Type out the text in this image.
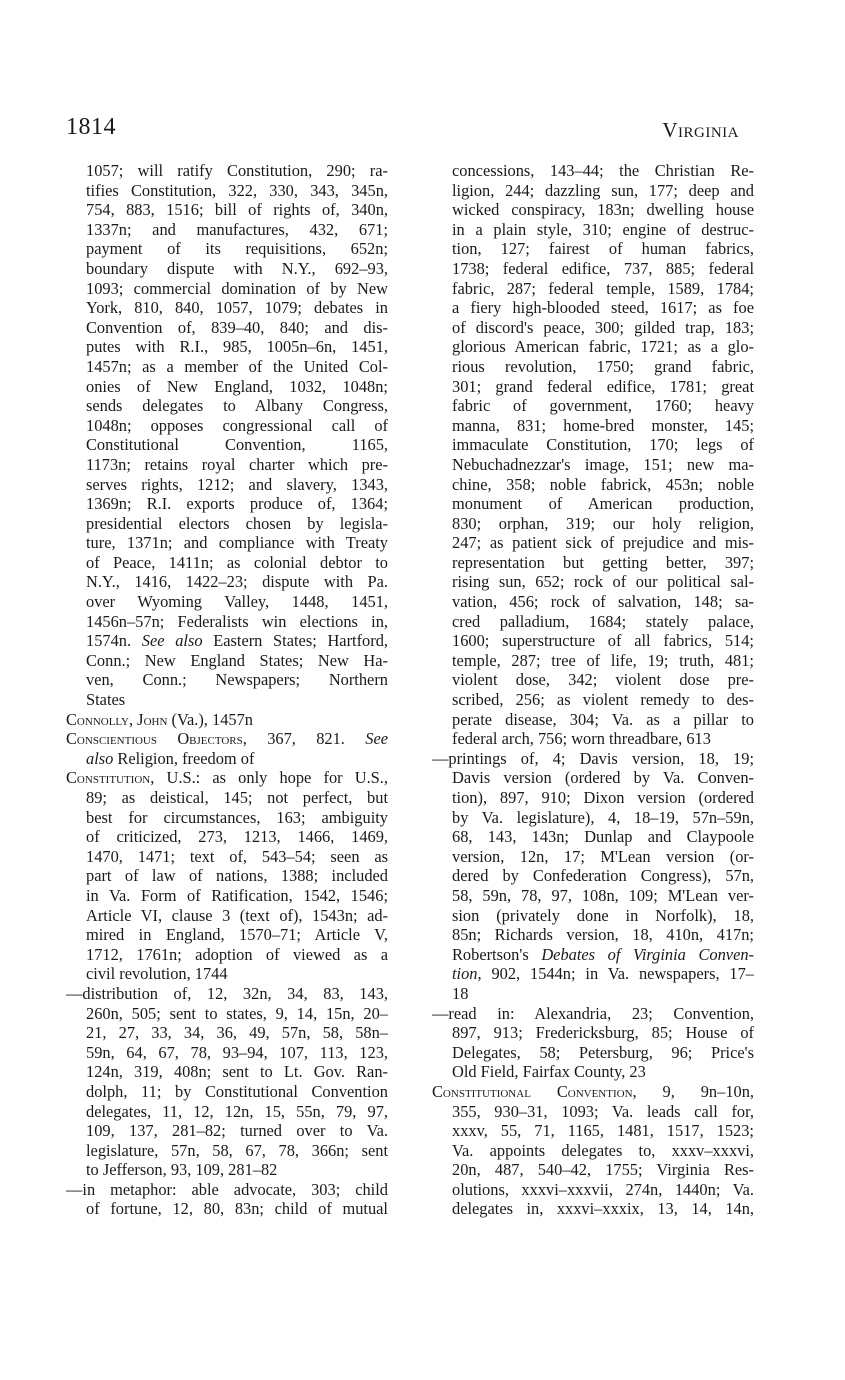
1814	Virginia
1057; will ratify Constitution, 290; ra-
tifies Constitution, 322, 330, 343, 345n,
754, 883, 1516; bill of rights of, 340n,
1337n; and manufactures, 432, 671;
payment of its requisitions, 652n;
boundary dispute with N.Y., 692–93,
1093; commercial domination of by New
York, 810, 840, 1057, 1079; debates in
Convention of, 839–40, 840; and dis-
putes with R.I., 985, 1005n–6n, 1451,
1457n; as a member of the United Col-
onies of New England, 1032, 1048n;
sends delegates to Albany Congress,
1048n; opposes congressional call of
Constitutional Convention, 1165,
1173n; retains royal charter which pre-
serves rights, 1212; and slavery, 1343,
1369n; R.I. exports produce of, 1364;
presidential electors chosen by legisla-
ture, 1371n; and compliance with Treaty
of Peace, 1411n; as colonial debtor to
N.Y., 1416, 1422–23; dispute with Pa.
over Wyoming Valley, 1448, 1451,
1456n–57n; Federalists win elections in,
1574n. See also Eastern States; Hartford,
Conn.; New England States; New Ha-
ven, Conn.; Newspapers; Northern
States
Connolly, John (Va.), 1457n
Conscientious Objectors, 367, 821. See
also Religion, freedom of
Constitution, U.S.: as only hope for U.S.,
89; as deistical, 145; not perfect, but
best for circumstances, 163; ambiguity
of criticized, 273, 1213, 1466, 1469,
1470, 1471; text of, 543–54; seen as
part of law of nations, 1388; included
in Va. Form of Ratification, 1542, 1546;
Article VI, clause 3 (text of), 1543n; ad-
mired in England, 1570–71; Article V,
1712, 1761n; adoption of viewed as a
civil revolution, 1744
—distribution of, 12, 32n, 34, 83, 143,
260n, 505; sent to states, 9, 14, 15n, 20–
21, 27, 33, 34, 36, 49, 57n, 58, 58n–
59n, 64, 67, 78, 93–94, 107, 113, 123,
124n, 319, 408n; sent to Lt. Gov. Ran-
dolph, 11; by Constitutional Convention
delegates, 11, 12, 12n, 15, 55n, 79, 97,
109, 137, 281–82; turned over to Va.
legislature, 57n, 58, 67, 78, 366n; sent
to Jefferson, 93, 109, 281–82
—in metaphor: able advocate, 303; child
of fortune, 12, 80, 83n; child of mutual
concessions, 143–44; the Christian Re-
ligion, 244; dazzling sun, 177; deep and
wicked conspiracy, 183n; dwelling house
in a plain style, 310; engine of destruc-
tion, 127; fairest of human fabrics,
1738; federal edifice, 737, 885; federal
fabric, 287; federal temple, 1589, 1784;
a fiery high-blooded steed, 1617; as foe
of discord's peace, 300; gilded trap, 183;
glorious American fabric, 1721; as a glo-
rious revolution, 1750; grand fabric,
301; grand federal edifice, 1781; great
fabric of government, 1760; heavy
manna, 831; home-bred monster, 145;
immaculate Constitution, 170; legs of
Nebuchadnezzar's image, 151; new ma-
chine, 358; noble fabrick, 453n; noble
monument of American production,
830; orphan, 319; our holy religion,
247; as patient sick of prejudice and mis-
representation but getting better, 397;
rising sun, 652; rock of our political sal-
vation, 456; rock of salvation, 148; sa-
cred palladium, 1684; stately palace,
1600; superstructure of all fabrics, 514;
temple, 287; tree of life, 19; truth, 481;
violent dose, 342; violent dose pre-
scribed, 256; as violent remedy to des-
perate disease, 304; Va. as a pillar to
federal arch, 756; worn threadbare, 613
—printings of, 4; Davis version, 18, 19;
Davis version (ordered by Va. Conven-
tion), 897, 910; Dixon version (ordered
by Va. legislature), 4, 18–19, 57n–59n,
68, 143, 143n; Dunlap and Claypoole
version, 12n, 17; M'Lean version (or-
dered by Confederation Congress), 57n,
58, 59n, 78, 97, 108n, 109; M'Lean ver-
sion (privately done in Norfolk), 18,
85n; Richards version, 18, 410n, 417n;
Robertson's Debates of Virginia Conven-
tion, 902, 1544n; in Va. newspapers, 17–
18
—read in: Alexandria, 23; Convention,
897, 913; Fredericksburg, 85; House of
Delegates, 58; Petersburg, 96; Price's
Old Field, Fairfax County, 23
Constitutional Convention, 9, 9n–10n,
355, 930–31, 1093; Va. leads call for,
xxxv, 55, 71, 1165, 1481, 1517, 1523;
Va. appoints delegates to, xxxv–xxxvi,
20n, 487, 540–42, 1755; Virginia Res-
olutions, xxxvi–xxxvii, 274n, 1440n; Va.
delegates in, xxxvi–xxxix, 13, 14, 14n,
